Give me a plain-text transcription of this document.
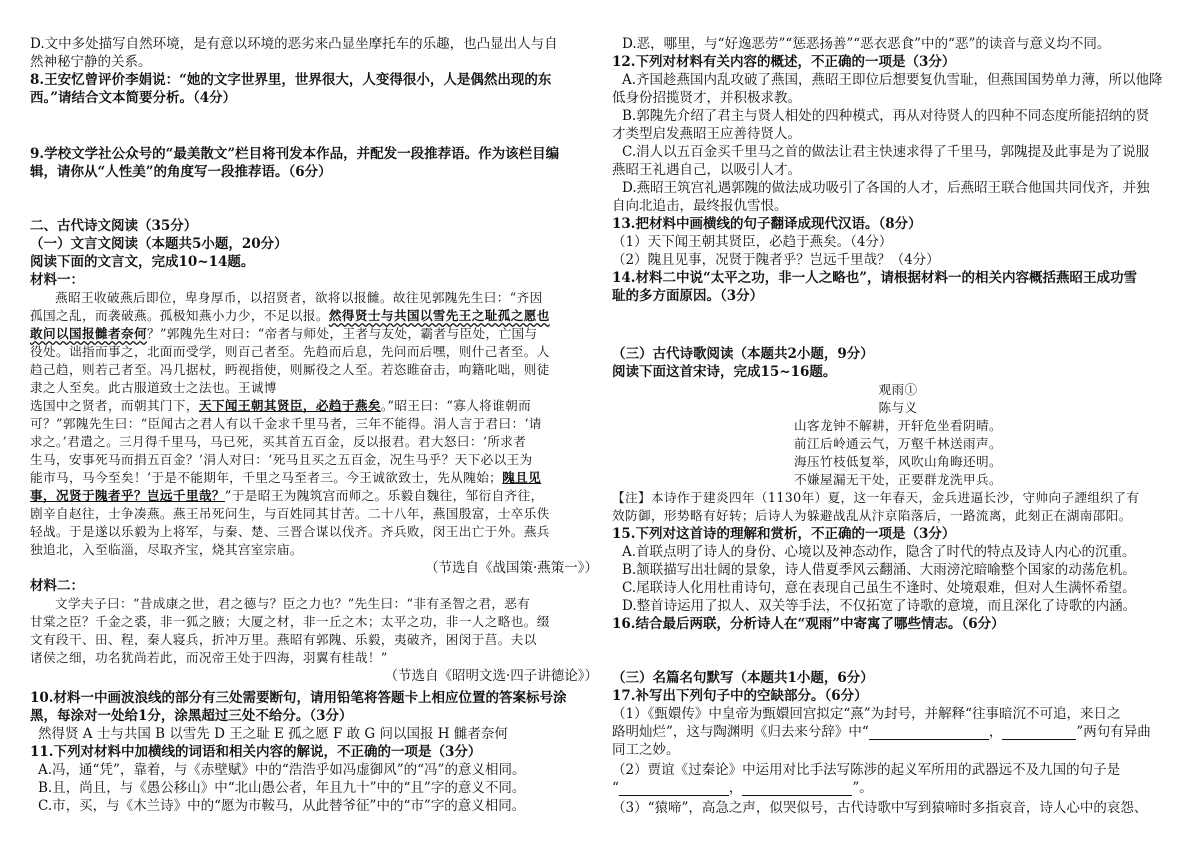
D.文中多处描写自然环境，是有意以环境的恶劣来凸显坐摩托车的乐趣，也凸显出人与自
然神秘宁静的关系。
8.王安忆曾评价李娟说：“她的文字世界里，世界很大，人变得很小，人是偶然出现的东
西。”请结合文本简要分析。（4分）
9.学校文学社公众号的“最美散文”栏目将刊发本作品，并配发一段推荐语。作为该栏目编
辑，请你从“人性美”的角度写一段推荐语。（6分）
二、古代诗文阅读（35分）
（一）文言文阅读（本题共5小题，20分）
阅读下面的文言文，完成10~14题。
材料一：
燕昭王收破燕后即位，卑身厚币，以招贤者，欲将以报雠。故往见郭隗先生曰：“齐因
孤国之乱，而袭破燕。孤极知燕小力少，不足以报。然得贤士与共国以雪先王之耻孤之愿也
敢问以国报雠者奈何？”郭隗先生对曰：“帝者与师处，王者与友处，霸者与臣处，亡国与
役处。诎指而事之，北面而受学，则百己者至。先趋而后息，先问而后嘿，则什己者至。人
趋己趋，则若己者至。冯几据杖，眄视指使，则厮役之人至。若恣睢奋击，呴籍叱咄，则徒
隶之人至矣。此古服道致士之法也。王诚博
选国中之贤者，而朝其门下，天下闻王朝其贤臣，必趋于燕矣。”昭王曰：“寡人将谁朝而
可？”郭隗先生曰：“臣闻古之君人有以千金求千里马者，三年不能得。涓人言于君曰：‘请
求之。’君遣之。三月得千里马，马已死，买其首五百金，反以报君。君大怒曰：‘所求者
生马，安事死马而捐五百金？’涓人对曰：‘死马且买之五百金，况生马乎？天下必以王为
能市马，马今至矣！’于是不能期年，千里之马至者三。今王诚欲致士，先从隗始；隗且见
事，况贤于隗者乎？岂远千里哉？”于是昭王为隗筑宫而师之。乐毅自魏往，邹衍自齐往，
剧辛自赵往，士争凑燕。燕王吊死问生，与百姓同其甘苦。二十八年，燕国殷富，士卒乐佚
轻战。于是遂以乐毅为上将军，与秦、楚、三晋合谋以伐齐。齐兵败，闵王出亡于外。燕兵
独追北，入至临淄，尽取齐宝，烧其宫室宗庙。
（节选自《战国策·燕策一》）
材料二：
文学夫子曰：“昔成康之世，君之德与？臣之力也？”先生曰：“非有圣智之君，恶有
甘棠之臣？千金之裘，非一狐之腋；大厦之材，非一丘之木；太平之功，非一人之略也。缀
文有段干、田、程，秦人寝兵，折冲万里。燕昭有郭隗、乐毅，夷破齐，困闵于莒。夫以
诸侯之细，功名犹尚若此，而况帝王处于四海，羽翼有桂哉！”
（节选自《昭明文选·四子讲德论》）
10.材料一中画波浪线的部分有三处需要断句，请用铅笔将答题卡上相应位置的答案标号涂
黑，每涂对一处给1分，涂黑超过三处不给分。（3分）
然得贤 A 士与共国 B 以雪先 D 王之耻 E 孤之愿 F 敢 G 问以国报 H 雠者奈何
11.下列对材料中加横线的词语和相关内容的解说，不正确的一项是（3分）
A.冯，通“凭”，靠着，与《赤壁赋》中的“浩浩乎如冯虚御风”的“冯”的意义相同。
B.且，尚且，与《愚公移山》中“北山愚公者，年且九十”中的“且”字的意义不同。
C.市，买，与《木兰诗》中的“愿为市鞍马，从此替爷征”中的“市”字的意义相同。
D.恶，哪里，与“好逸恶劳”“惩恶扬善”“恶衣恶食”中的“恶”的读音与意义均不同。
12.下列对材料有关内容的概述，不正确的一项是（3分）
A.齐国趁燕国内乱攻破了燕国，燕昭王即位后想要复仇雪耻，但燕国国势单力薄，所以他降
低身份招揽贤才，并积极求教。
B.郭隗先介绍了君主与贤人相处的四种模式，再从对待贤人的四种不同态度所能招纳的贤
才类型启发燕昭王应善待贤人。
C.涓人以五百金买千里马之首的做法让君主快速求得了千里马，郭隗提及此事是为了说服
燕昭王礼遇自己，以吸引人才。
D.燕昭王筑宫礼遇郭隗的做法成功吸引了各国的人才，后燕昭王联合他国共同伐齐，并独
自向北追击，最终报仇雪恨。
13.把材料中画横线的句子翻译成现代汉语。（8分）
（1）天下闻王朝其贤臣，必趋于燕矣。（4分）
（2）隗且见事，况贤于隗者乎？岂远千里哉？（4分）
14.材料二中说“太平之功，非一人之略也”，请根据材料一的相关内容概括燕昭王成功雪
耻的多方面原因。（3分）
（三）古代诗歌阅读（本题共2小题，9分）
阅读下面这首宋诗，完成15~16题。
观雨①
陈与义
山客龙钟不解耕，开轩危坐看阴晴。
前江后岭通云气，万壑千林送雨声。
海压竹枝低复举，风吹山角晦还明。
不嫌屋漏无干处，正要群龙洗甲兵。
【注】本诗作于建炎四年（1130年）夏，这一年春天，金兵进逼长沙，守帅向子諲组织了有
效防御，形势略有好转；后诗人为躲避战乱从汴京陷落后，一路流离，此刻正在湖南邵阳。
15.下列对这首诗的理解和赏析，不正确的一项是（3分）
A.首联点明了诗人的身份、心境以及神态动作，隐含了时代的特点及诗人内心的沉重。
B.颔联描写出壮阔的景象，诗人借夏季风云翻涌、大雨滂沱暗喻整个国家的动荡危机。
C.尾联诗人化用杜甫诗句，意在表现自己虽生不逢时、处境艰难，但对人生满怀希望。
D.整首诗运用了拟人、双关等手法，不仅拓宽了诗歌的意境，而且深化了诗歌的内涵。
16.结合最后两联，分析诗人在“观雨”中寄寓了哪些情志。（6分）
（三）名篇名句默写（本题共1小题，6分）
17.补写出下列句子中的空缺部分。（6分）
（1）《甄嬛传》中皇帝为甄嬛回宫拟定“熹”为封号，并解释“往事暗沉不可追，来日之
路明灿烂”，这与陶渊明《归去来兮辞》中“	，	”两句有异曲
同工之妙。
（2）贾谊《过秦论》中运用对比手法写陈涉的起义军所用的武器远不及九国的句子是
“	，	”。
（3）“猿啼”，高急之声，似哭似号，古代诗歌中写到猿啼时多指哀音，诗人心中的哀怨、
